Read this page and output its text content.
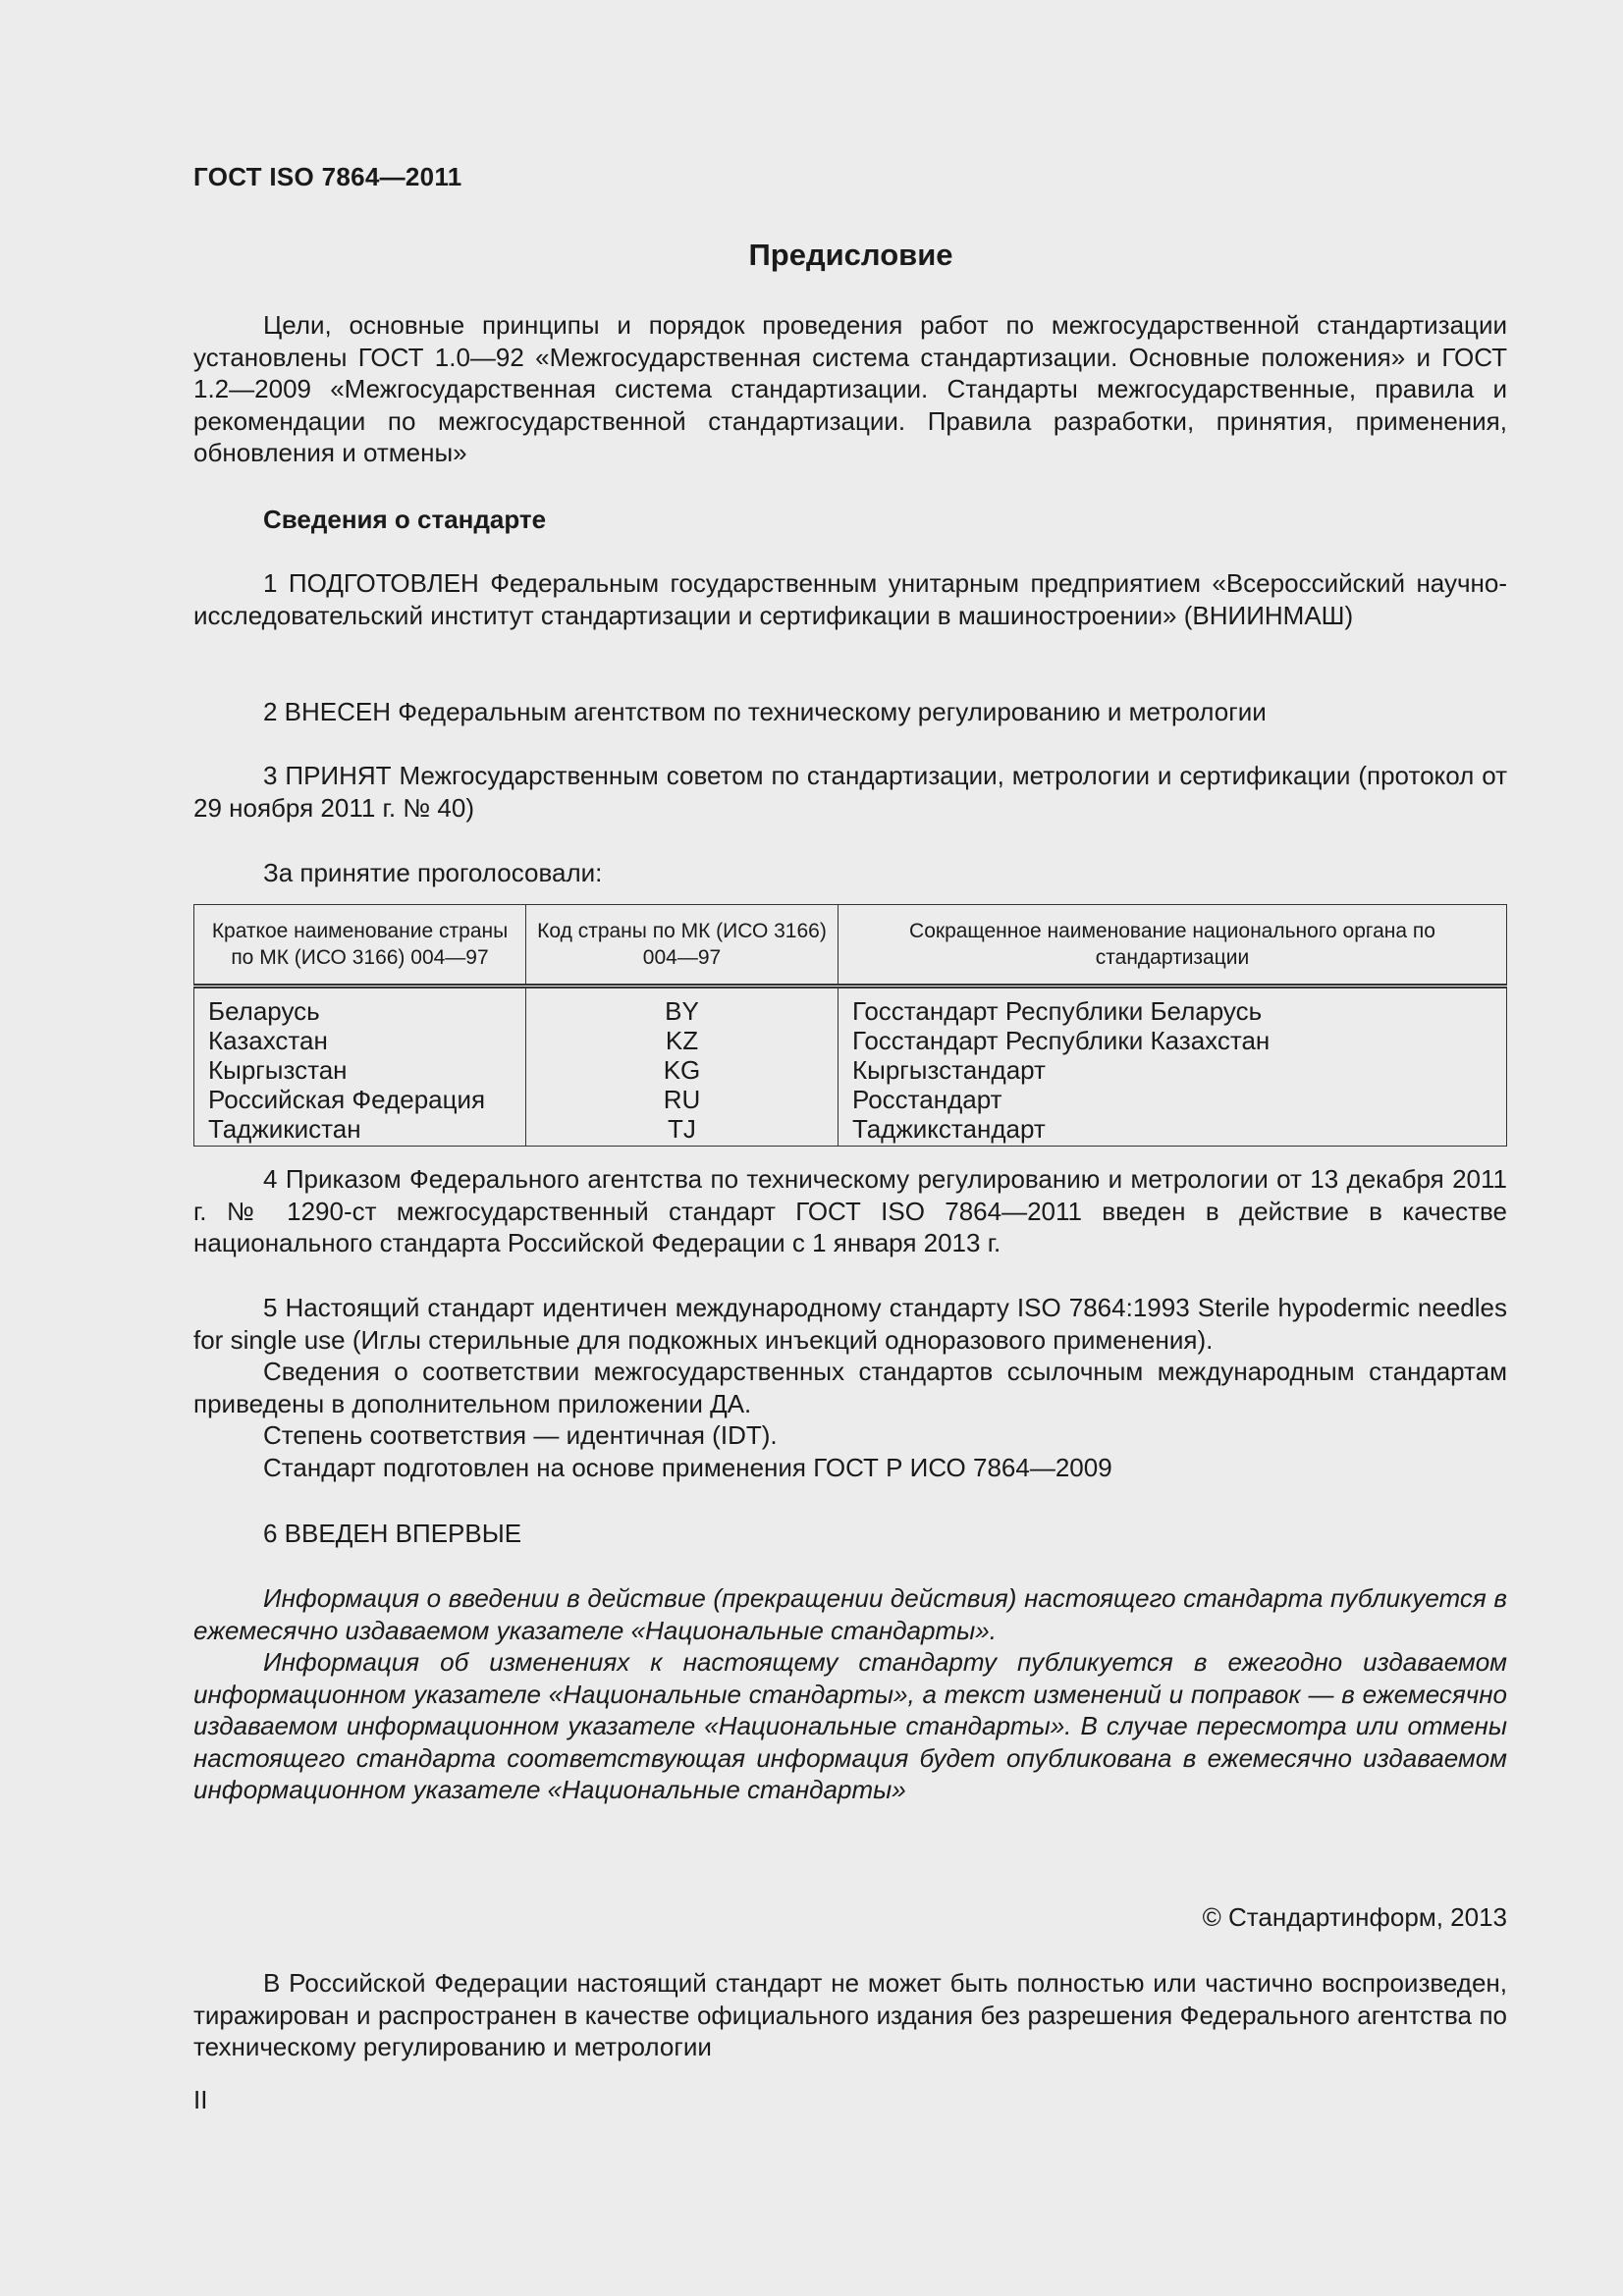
ГОСТ ISO 7864—2011
Предисловие

Цели, основные принципы и порядок проведения работ по межгосударственной стандартизации установлены ГОСТ 1.0—92 «Межгосударственная система стандартизации. Основные положения» и ГОСТ 1.2—2009 «Межгосударственная система стандартизации. Стандарты межгосударственные, правила и рекомендации по межгосударственной стандартизации. Правила разработки, принятия, применения, обновления и отмены»

Сведения о стандарте

1 ПОДГОТОВЛЕН Федеральным государственным унитарным предприятием «Всероссийский научно-исследовательский институт стандартизации и сертификации в машиностроении» (ВНИИНМАШ)

2 ВНЕСЕН Федеральным агентством по техническому регулированию и метрологии

3 ПРИНЯТ Межгосударственным советом по стандартизации, метрологии и сертификации (протокол от 29 ноября 2011 г. № 40)

За принятие проголосовали:

Краткое наименование страны по МК (ИСО 3166) 004—97	Код страны по МК (ИСО 3166) 004—97	Сокращенное наименование национального органа по стандартизации
Беларусь	BY	Госстандарт Республики Беларусь
Казахстан	KZ	Госстандарт Республики Казахстан
Кыргызстан	KG	Кыргызстандарт
Российская Федерация	RU	Росстандарт
Таджикистан	TJ	Таджикстандарт

4 Приказом Федерального агентства по техническому регулированию и метрологии от 13 декабря 2011 г. № 1290-ст межгосударственный стандарт ГОСТ ISO 7864—2011 введен в действие в качестве национального стандарта Российской Федерации с 1 января 2013 г.

5 Настоящий стандарт идентичен международному стандарту ISO 7864:1993 Sterile hypodermic needles for single use (Иглы стерильные для подкожных инъекций одноразового применения).

Сведения о соответствии межгосударственных стандартов ссылочным международным стандартам приведены в дополнительном приложении ДА.

Степень соответствия — идентичная (IDT).

Стандарт подготовлен на основе применения ГОСТ Р ИСО 7864—2009

6 ВВЕДЕН ВПЕРВЫЕ

Информация о введении в действие (прекращении действия) настоящего стандарта публикуется в ежемесячно издаваемом указателе «Национальные стандарты».

Информация об изменениях к настоящему стандарту публикуется в ежегодно издаваемом информационном указателе «Национальные стандарты», а текст изменений и поправок — в ежемесячно издаваемом информационном указателе «Национальные стандарты». В случае пересмотра или отмены настоящего стандарта соответствующая информация будет опубликована в ежемесячно издаваемом информационном указателе «Национальные стандарты»

© Стандартинформ, 2013

В Российской Федерации настоящий стандарт не может быть полностью или частично воспроизведен, тиражирован и распространен в качестве официального издания без разрешения Федерального агентства по техническому регулированию и метрологии

II
